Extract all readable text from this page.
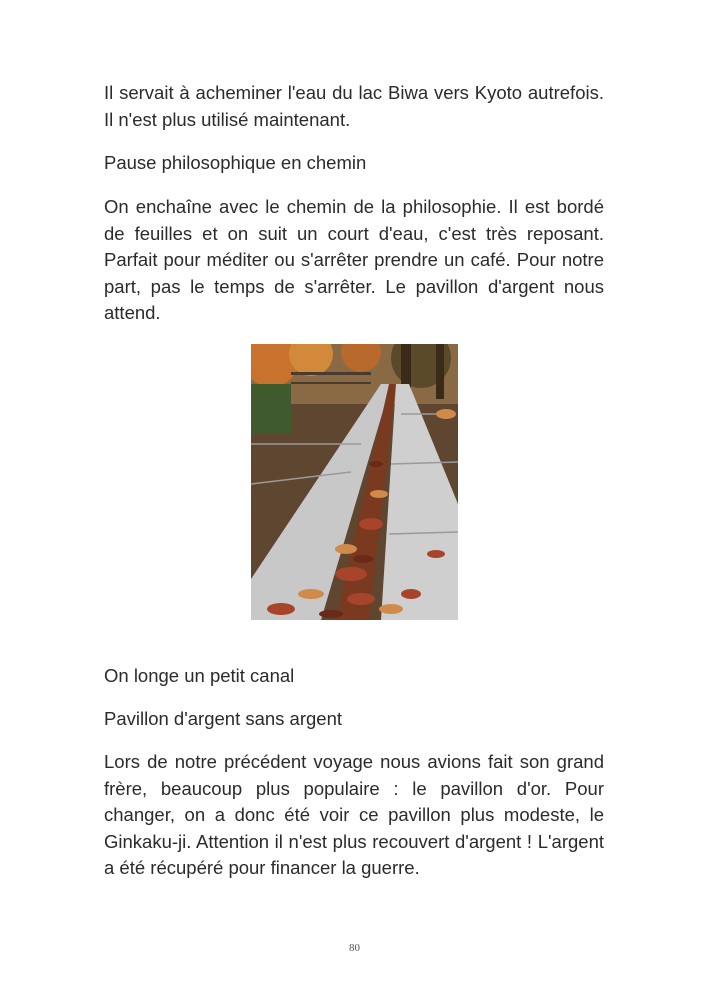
Il servait à acheminer l'eau du lac Biwa vers Kyoto autrefois. Il n'est plus utilisé maintenant.

Pause philosophique en chemin

On enchaîne avec le chemin de la philosophie. Il est bordé de feuilles et on suit un court d'eau, c'est très reposant. Parfait pour méditer ou s'arrêter prendre un café. Pour notre part, pas le temps de s'arrêter. Le pavillon d'argent nous attend.

On longe un petit canal

Pavillon d'argent sans argent

Lors de notre précédent voyage nous avions fait son grand frère, beaucoup plus populaire : le pavillon d'or. Pour changer, on a donc été voir ce pavillon plus modeste, le Ginkaku-ji. Attention il n'est plus recouvert d'argent ! L'argent a été récupéré pour financer la guerre.

80
